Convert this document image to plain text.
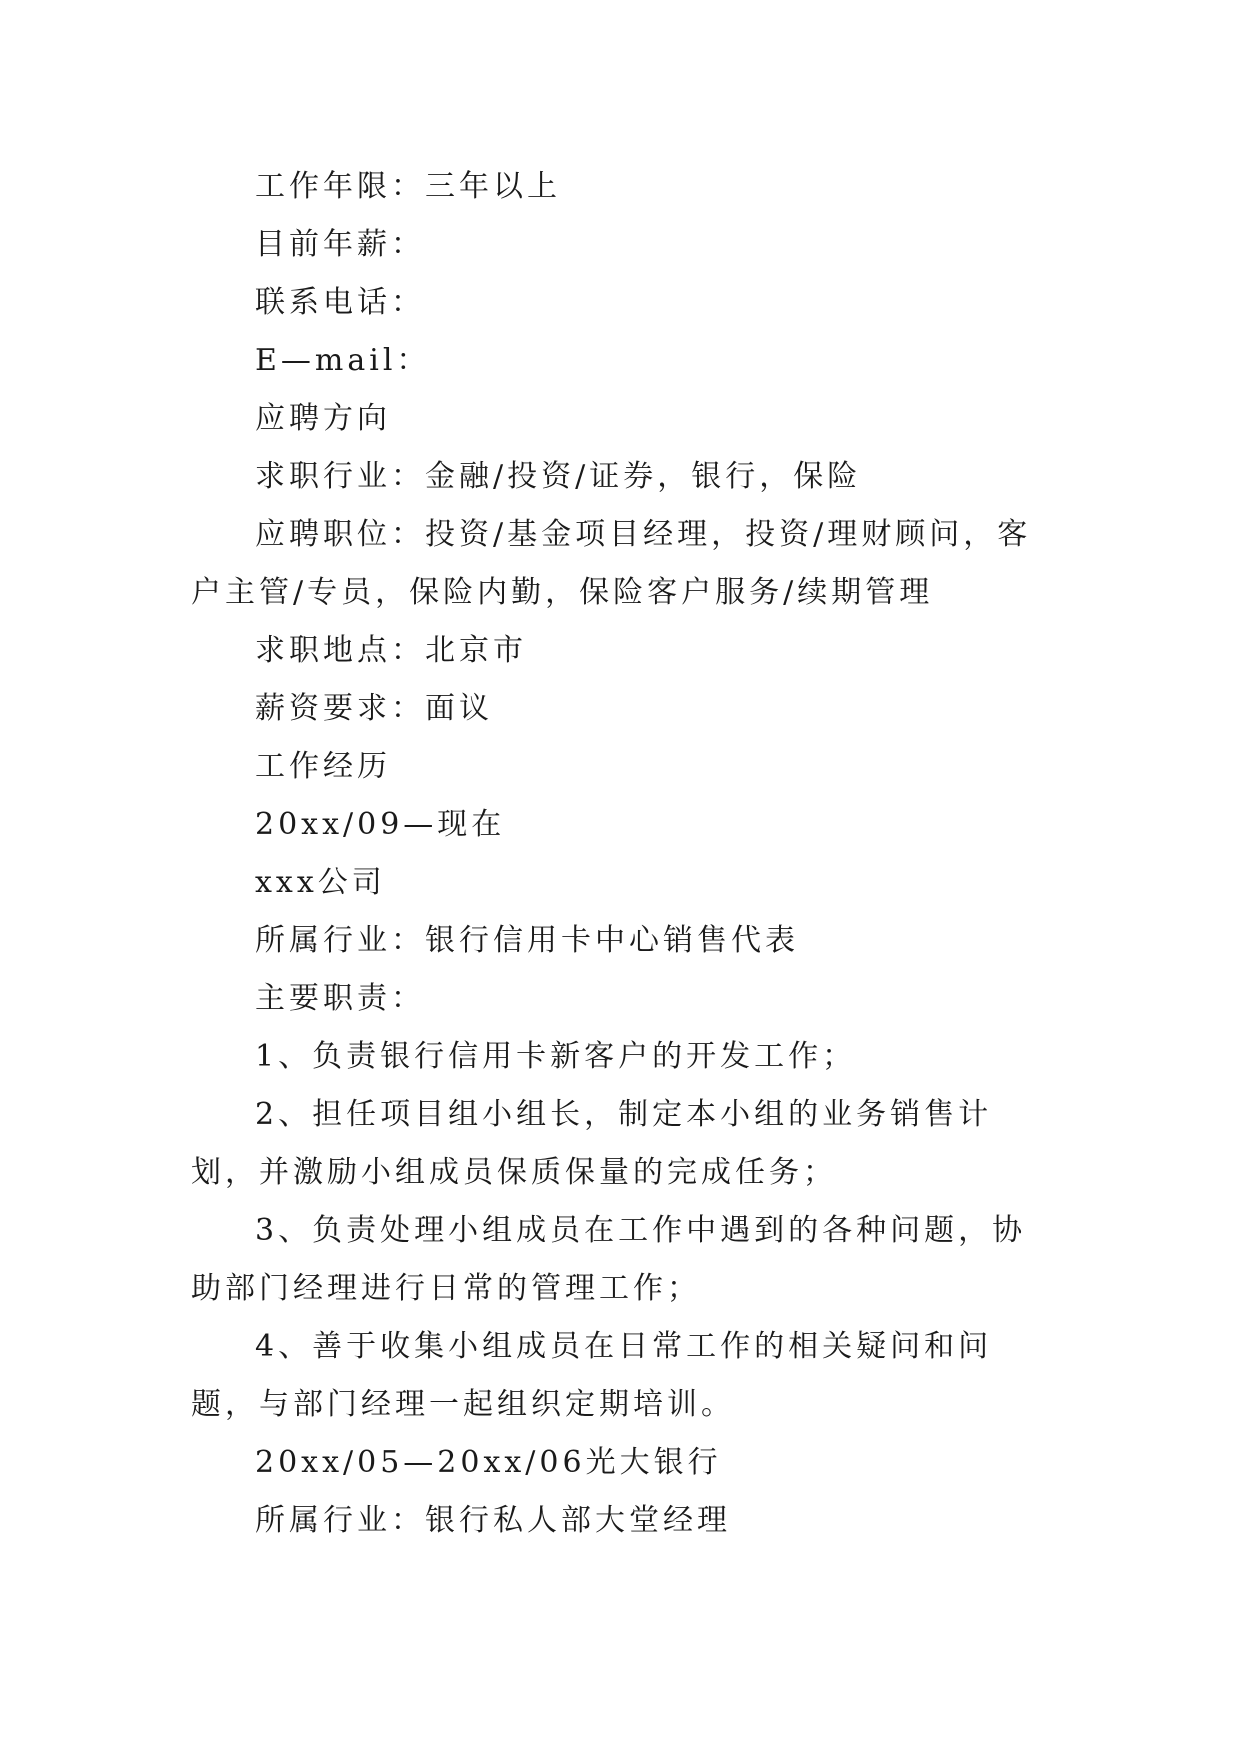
工作年限：三年以上

目前年薪：

联系电话：

E—mail：

应聘方向

求职行业：金融/投资/证券，银行，保险

应聘职位：投资/基金项目经理，投资/理财顾问，客户主管/专员，保险内勤，保险客户服务/续期管理

求职地点：北京市

薪资要求：面议

工作经历

20xx/09—现在

xxx公司

所属行业：银行信用卡中心销售代表

主要职责：

1、负责银行信用卡新客户的开发工作；

2、担任项目组小组长，制定本小组的业务销售计划，并激励小组成员保质保量的完成任务；

3、负责处理小组成员在工作中遇到的各种问题，协助部门经理进行日常的管理工作；

4、善于收集小组成员在日常工作的相关疑问和问题，与部门经理一起组织定期培训。

20xx/05—20xx/06光大银行

所属行业：银行私人部大堂经理
